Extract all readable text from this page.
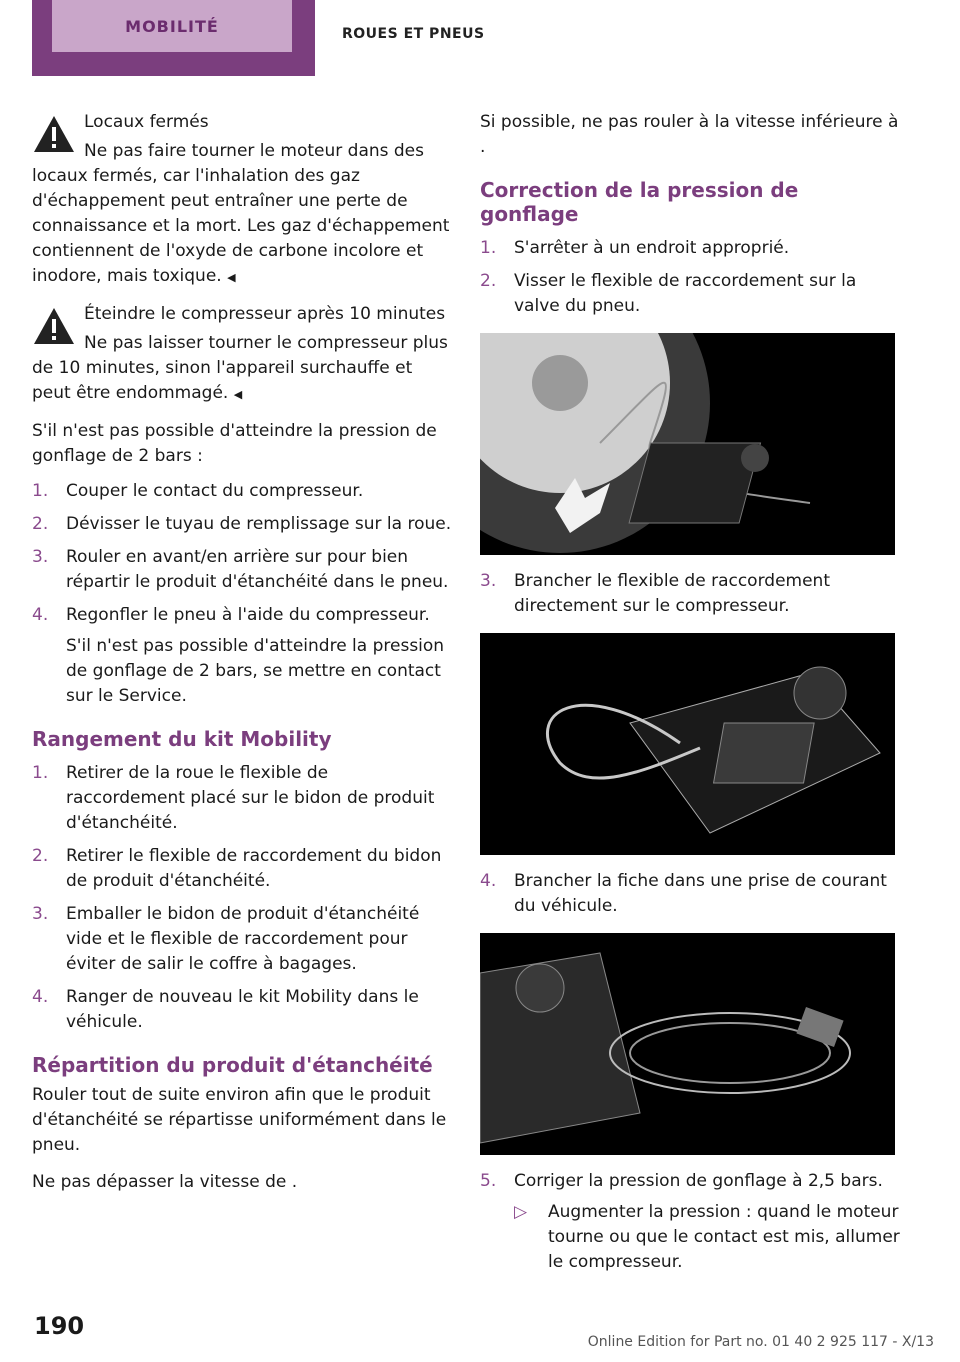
MOBILITÉ	ROUES ET PNEUS

Locaux fermés

Ne pas faire tourner le moteur dans des locaux fermés, car l'inhalation des gaz d'échappement peut entraîner une perte de connaissance et la mort. Les gaz d'échappement contiennent de l'oxyde de carbone incolore et inodore, mais toxique. ◀

Éteindre le compresseur après 10 minutes

Ne pas laisser tourner le compresseur plus de 10 minutes, sinon l'appareil surchauffe et peut être endommagé. ◀

S'il n'est pas possible d'atteindre la pression de gonflage de 2 bars :

1. Couper le contact du compresseur.
2. Dévisser le tuyau de remplissage sur la roue.
3. Rouler en avant/en arrière sur pour bien répartir le produit d'étanchéité dans le pneu.
4. Regonfler le pneu à l'aide du compresseur.

S'il n'est pas possible d'atteindre la pression de gonflage de 2 bars, se mettre en contact sur le Service.

Rangement du kit Mobility
1. Retirer de la roue le flexible de raccordement placé sur le bidon de produit d'étanchéité.
2. Retirer le flexible de raccordement du bidon de produit d'étanchéité.
3. Emballer le bidon de produit d'étanchéité vide et le flexible de raccordement pour éviter de salir le coffre à bagages.
4. Ranger de nouveau le kit Mobility dans le véhicule.
Répartition du produit d'étanchéité

Rouler tout de suite environ afin que le produit d'étanchéité se répartisse uniformément dans le pneu.

Ne pas dépasser la vitesse de .

Si possible, ne pas rouler à la vitesse inférieure à .

Correction de la pression de gonflage
1. S'arrêter à un endroit approprié.
2. Visser le flexible de raccordement sur la valve du pneu.
3. Brancher le flexible de raccordement directement sur le compresseur.
4. Brancher la fiche dans une prise de courant du véhicule.
5. Corriger la pression de gonflage à 2,5 bars.
▷ Augmenter la pression : quand le moteur tourne ou que le contact est mis, allumer le compresseur.
190
Online Edition for Part no. 01 40 2 925 117 - X/13
